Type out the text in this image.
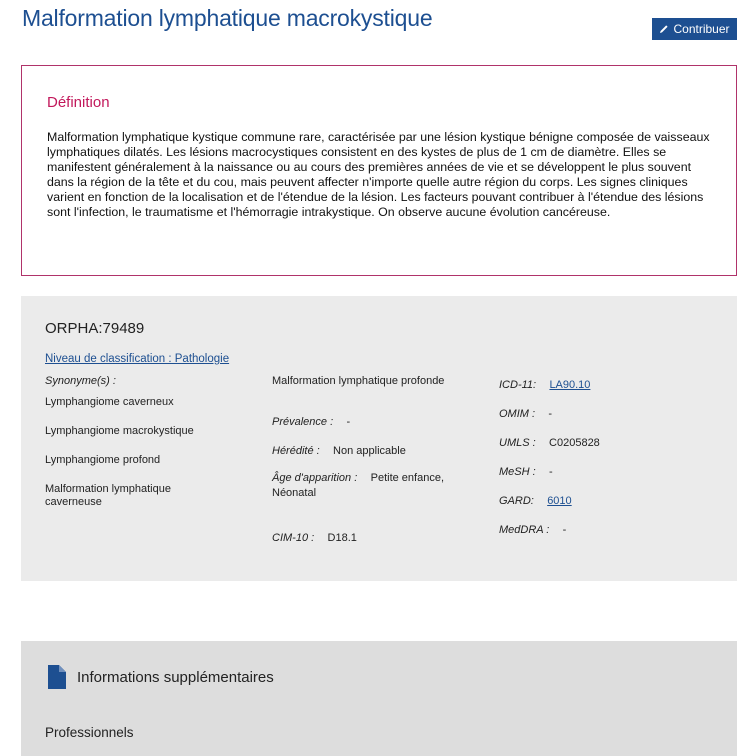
Malformation lymphatique macrokystique	Contribuer
Définition
Malformation lymphatique kystique commune rare, caractérisée par une lésion kystique bénigne composée de vaisseaux lymphatiques dilatés. Les lésions macrocystiques consistent en des kystes de plus de 1 cm de diamètre. Elles se manifestent généralement à la naissance ou au cours des premières années de vie et se développent le plus souvent dans la région de la tête et du cou, mais peuvent affecter n'importe quelle autre région du corps. Les signes cliniques varient en fonction de la localisation et de l'étendue de la lésion. Les facteurs pouvant contribuer à l'étendue des lésions sont l'infection, le traumatisme et l'hémorragie intrakystique. On observe aucune évolution cancéreuse.
ORPHA:79489
Niveau de classification : Pathologie
Synonyme(s) :
Lymphangiome caverneux
Lymphangiome macrokystique
Lymphangiome profond
Malformation lymphatique caverneuse
Malformation lymphatique profonde
Prévalence : -
Hérédité : Non applicable
Âge d'apparition : Petite enfance, Néonatal
CIM-10 : D18.1
ICD-11: LA90.10
OMIM : -
UMLS : C0205828
MeSH : -
GARD: 6010
MedDRA : -
Informations supplémentaires
Professionnels
